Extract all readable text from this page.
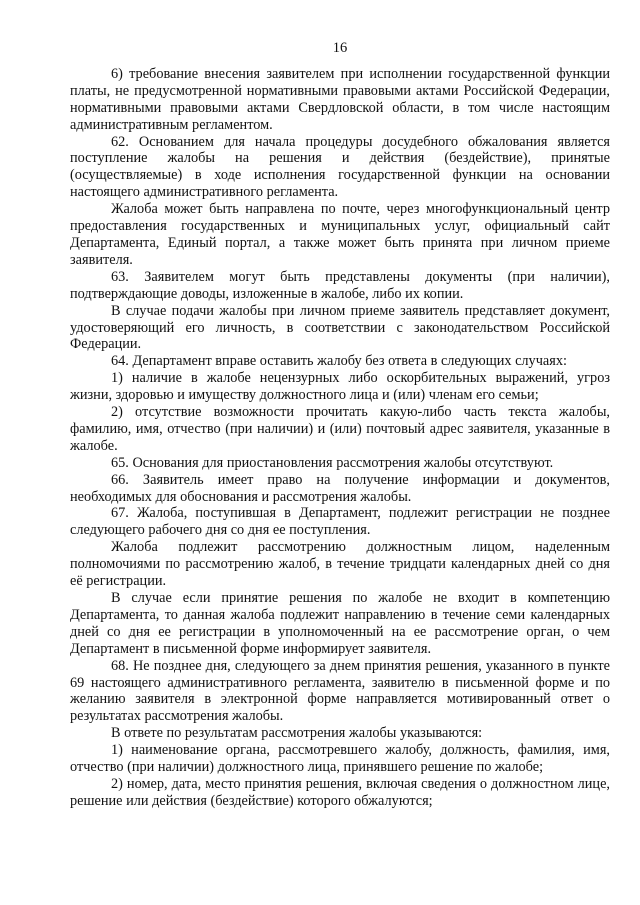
16

6) требование внесения заявителем при исполнении государственной функции платы, не предусмотренной нормативными правовыми актами Российской Федерации, нормативными правовыми актами Свердловской области, в том числе настоящим административным регламентом.

62. Основанием для начала процедуры досудебного обжалования является поступление жалобы на решения и действия (бездействие), принятые (осуществляемые) в ходе исполнения государственной функции на основании настоящего административного регламента.

Жалоба может быть направлена по почте, через многофункциональный центр предоставления государственных и муниципальных услуг, официальный сайт Департамента, Единый портал, а также может быть принята при личном приеме заявителя.

63. Заявителем могут быть представлены документы (при наличии), подтверждающие доводы, изложенные в жалобе, либо их копии.

В случае подачи жалобы при личном приеме заявитель представляет документ, удостоверяющий его личность, в соответствии с законодательством Российской Федерации.

64. Департамент вправе оставить жалобу без ответа в следующих случаях:

1) наличие в жалобе нецензурных либо оскорбительных выражений, угроз жизни, здоровью и имуществу должностного лица и (или) членам его семьи;

2) отсутствие возможности прочитать какую-либо часть текста жалобы, фамилию, имя, отчество (при наличии) и (или) почтовый адрес заявителя, указанные в жалобе.

65. Основания для приостановления рассмотрения жалобы отсутствуют.

66. Заявитель имеет право на получение информации и документов, необходимых для обоснования и рассмотрения жалобы.

67. Жалоба, поступившая в Департамент, подлежит регистрации не позднее следующего рабочего дня со дня ее поступления.

Жалоба подлежит рассмотрению должностным лицом, наделенным полномочиями по рассмотрению жалоб, в течение тридцати календарных дней со дня её регистрации.

В случае если принятие решения по жалобе не входит в компетенцию Департамента, то данная жалоба подлежит направлению в течение семи календарных дней со дня ее регистрации в уполномоченный на ее рассмотрение орган, о чем Департамент в письменной форме информирует заявителя.

68. Не позднее дня, следующего за днем принятия решения, указанного в пункте 69 настоящего административного регламента, заявителю в письменной форме и по желанию заявителя в электронной форме направляется мотивированный ответ о результатах рассмотрения жалобы.

В ответе по результатам рассмотрения жалобы указываются:

1) наименование органа, рассмотревшего жалобу, должность, фамилия, имя, отчество (при наличии) должностного лица, принявшего решение по жалобе;

2) номер, дата, место принятия решения, включая сведения о должностном лице, решение или действия (бездействие) которого обжалуются;
